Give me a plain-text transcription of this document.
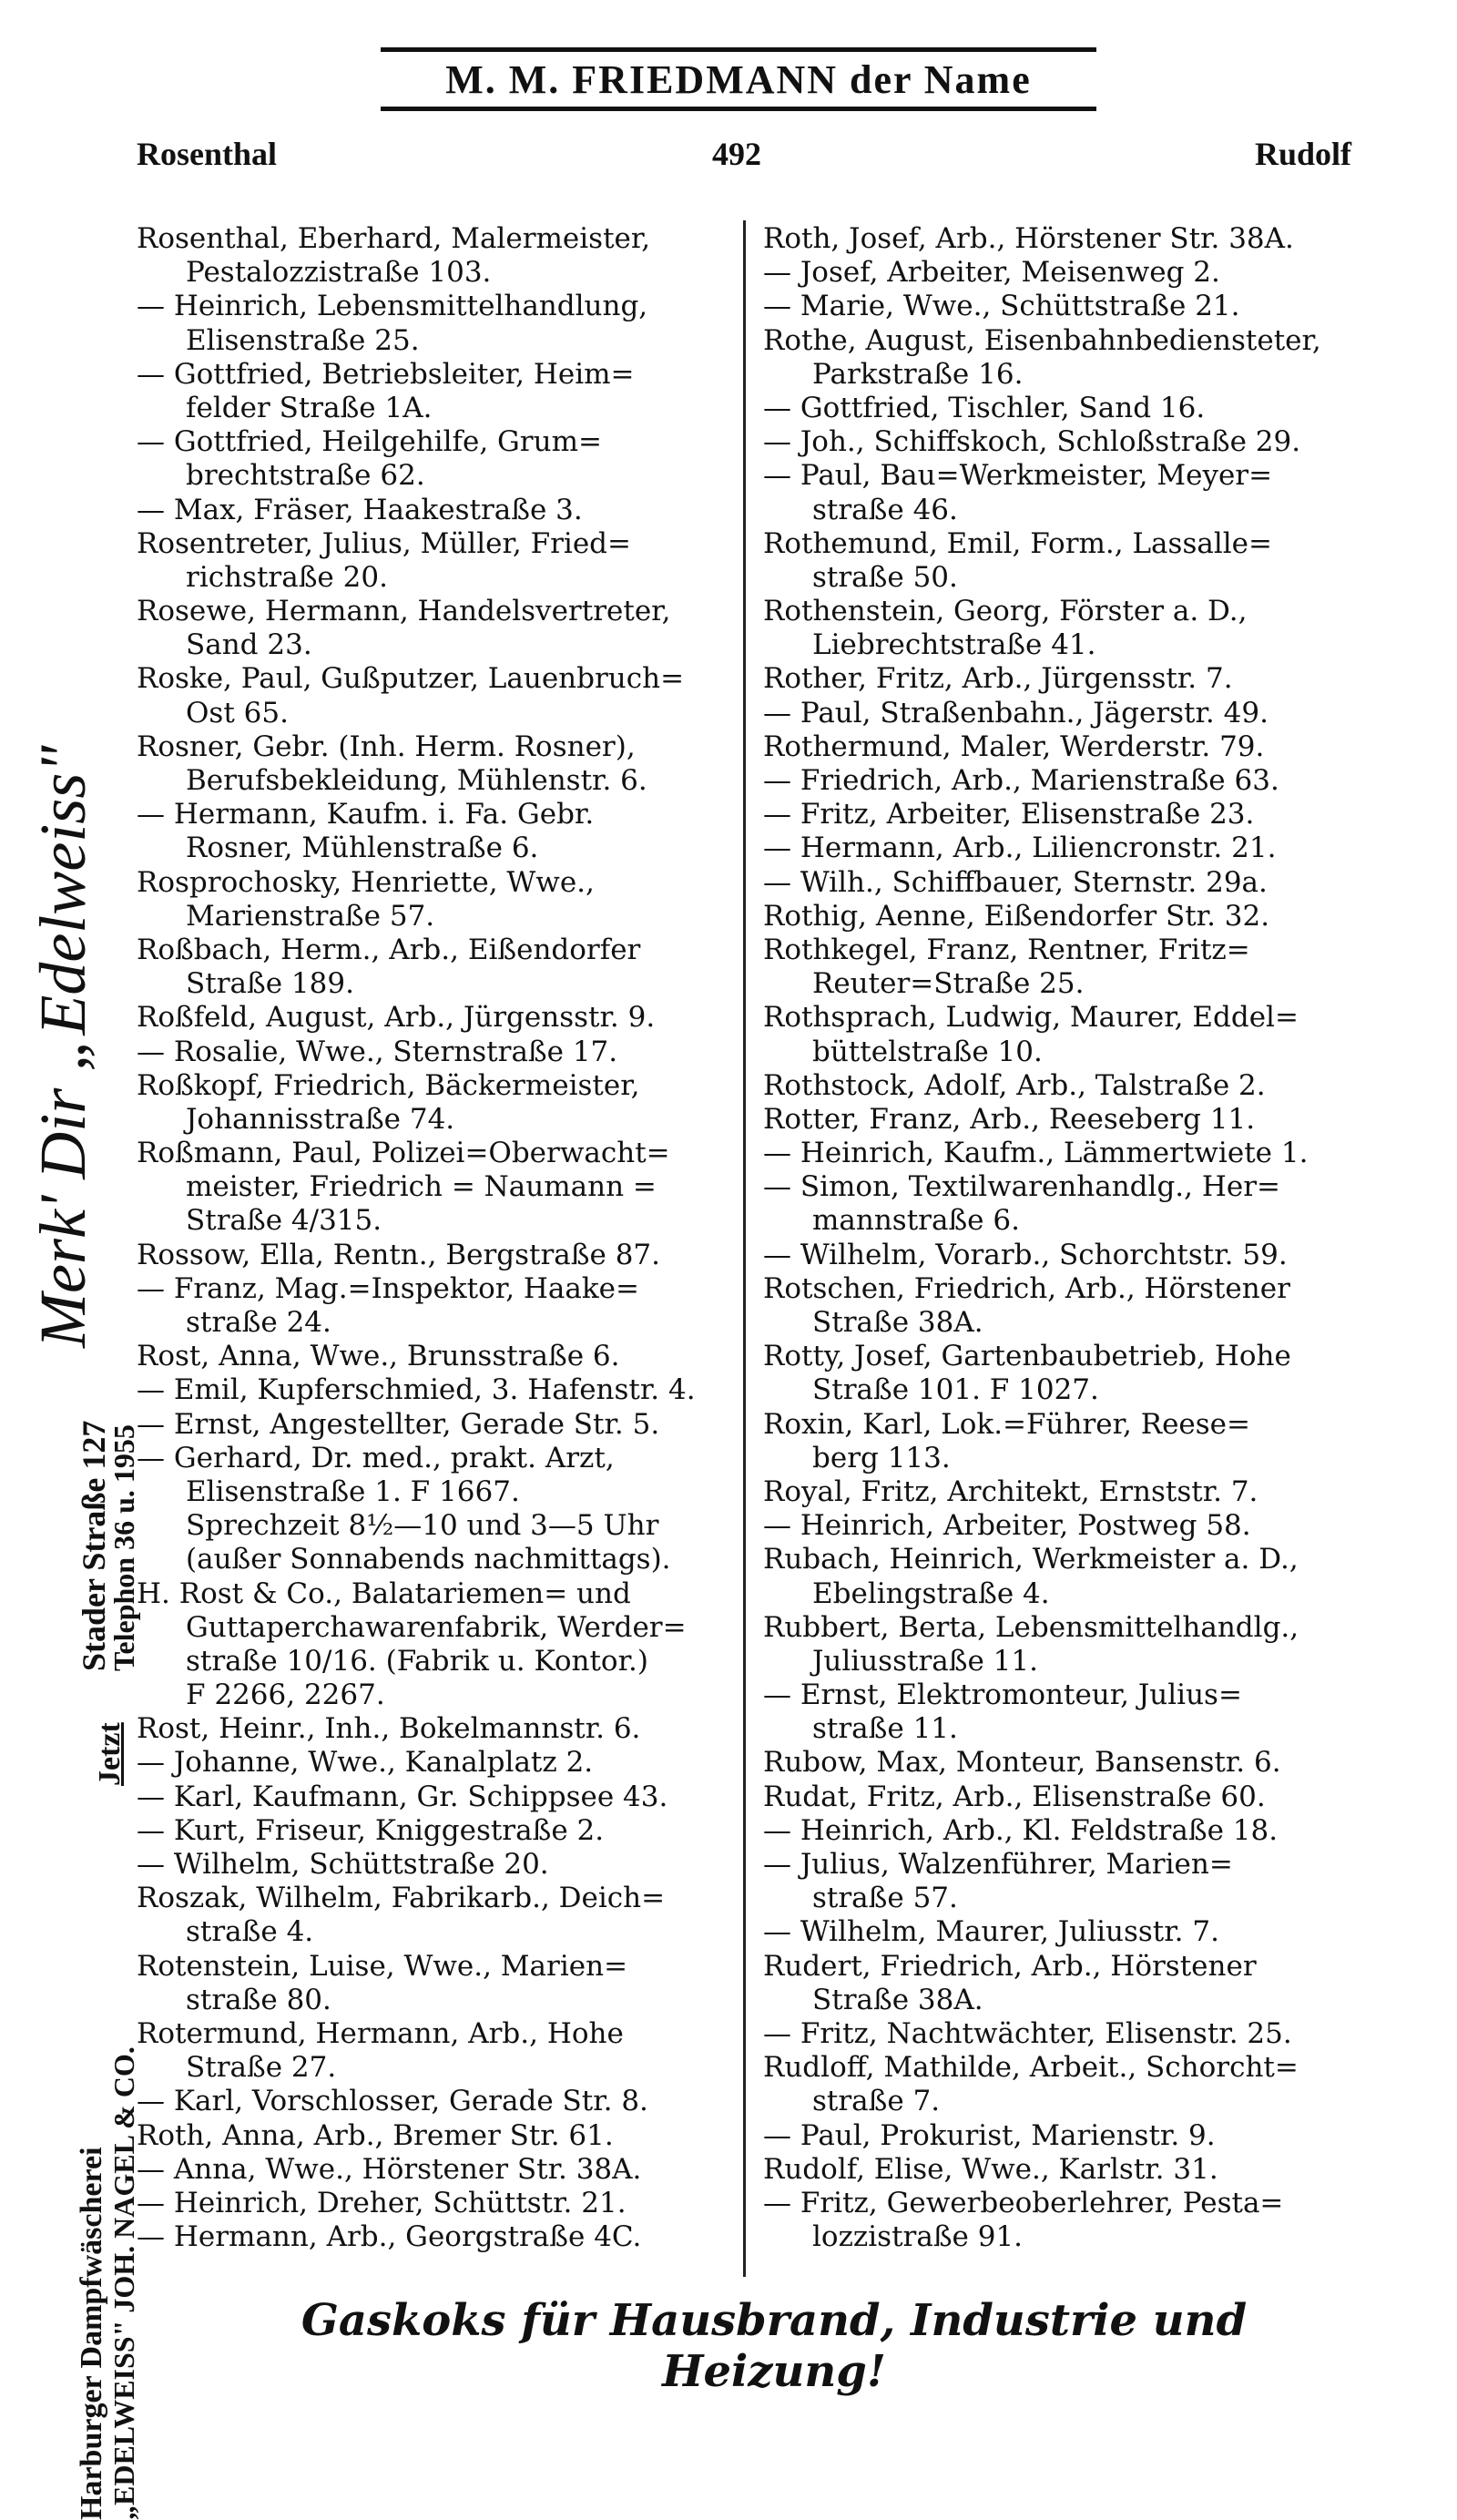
M. M. FRIEDMANN der Name
Rosenthal	492	Rudolf
Merk' Dir „Edelweiss"
Stader Straße 127
Telephon 36 u. 1955
Jetzt
Harburger Dampfwäscherei „EDELWEISS" JOH. NAGEL & CO.
Rosenthal, Eberhard, Malermeister,
Pestalozzistraße 103.
— Heinrich, Lebensmittelhandlung,
Elisenstraße 25.
— Gottfried, Betriebsleiter, Heim=
felder Straße 1A.
— Gottfried, Heilgehilfe, Grum=
brechtstraße 62.
— Max, Fräser, Haakestraße 3.
Rosentreter, Julius, Müller, Fried=
richstraße 20.
Rosewe, Hermann, Handelsvertreter,
Sand 23.
Roske, Paul, Gußputzer, Lauenbruch=
Ost 65.
Rosner, Gebr. (Inh. Herm. Rosner),
Berufsbekleidung, Mühlenstr. 6.
— Hermann, Kaufm. i. Fa. Gebr.
Rosner, Mühlenstraße 6.
Rosprochosky, Henriette, Wwe.,
Marienstraße 57.
Roßbach, Herm., Arb., Eißendorfer
Straße 189.
Roßfeld, August, Arb., Jürgensstr. 9.
— Rosalie, Wwe., Sternstraße 17.
Roßkopf, Friedrich, Bäckermeister,
Johannisstraße 74.
Roßmann, Paul, Polizei=Oberwacht=
meister, Friedrich = Naumann =
Straße 4/315.
Rossow, Ella, Rentn., Bergstraße 87.
— Franz, Mag.=Inspektor, Haake=
straße 24.
Rost, Anna, Wwe., Brunsstraße 6.
— Emil, Kupferschmied, 3. Hafenstr. 4.
— Ernst, Angestellter, Gerade Str. 5.
— Gerhard, Dr. med., prakt. Arzt,
Elisenstraße 1. F 1667.
Sprechzeit 8½—10 und 3—5 Uhr
(außer Sonnabends nachmittags).
H. Rost & Co., Balatariemen= und
Guttaperchawarenfabrik, Werder=
straße 10/16. (Fabrik u. Kontor.)
F 2266, 2267.
Rost, Heinr., Inh., Bokelmannstr. 6.
— Johanne, Wwe., Kanalplatz 2.
— Karl, Kaufmann, Gr. Schippsee 43.
— Kurt, Friseur, Kniggestraße 2.
— Wilhelm, Schüttstraße 20.
Roszak, Wilhelm, Fabrikarb., Deich=
straße 4.
Rotenstein, Luise, Wwe., Marien=
straße 80.
Rotermund, Hermann, Arb., Hohe
Straße 27.
— Karl, Vorschlosser, Gerade Str. 8.
Roth, Anna, Arb., Bremer Str. 61.
— Anna, Wwe., Hörstener Str. 38A.
— Heinrich, Dreher, Schüttstr. 21.
— Hermann, Arb., Georgstraße 4C.
Roth, Josef, Arb., Hörstener Str. 38A.
— Josef, Arbeiter, Meisenweg 2.
— Marie, Wwe., Schüttstraße 21.
Rothe, August, Eisenbahnbediensteter,
Parkstraße 16.
— Gottfried, Tischler, Sand 16.
— Joh., Schiffskoch, Schloßstraße 29.
— Paul, Bau=Werkmeister, Meyer=
straße 46.
Rothemund, Emil, Form., Lassalle=
straße 50.
Rothenstein, Georg, Förster a. D.,
Liebrechtstraße 41.
Rother, Fritz, Arb., Jürgensstr. 7.
— Paul, Straßenbahn., Jägerstr. 49.
Rothermund, Maler, Werderstr. 79.
— Friedrich, Arb., Marienstraße 63.
— Fritz, Arbeiter, Elisenstraße 23.
— Hermann, Arb., Liliencronstr. 21.
— Wilh., Schiffbauer, Sternstr. 29a.
Rothig, Aenne, Eißendorfer Str. 32.
Rothkegel, Franz, Rentner, Fritz=
Reuter=Straße 25.
Rothsprach, Ludwig, Maurer, Eddel=
büttelstraße 10.
Rothstock, Adolf, Arb., Talstraße 2.
Rotter, Franz, Arb., Reeseberg 11.
— Heinrich, Kaufm., Lämmertwiete 1.
— Simon, Textilwarenhandlg., Her=
mannstraße 6.
— Wilhelm, Vorarb., Schorchtstr. 59.
Rotschen, Friedrich, Arb., Hörstener
Straße 38A.
Rotty, Josef, Gartenbaubetrieb, Hohe
Straße 101. F 1027.
Roxin, Karl, Lok.=Führer, Reese=
berg 113.
Royal, Fritz, Architekt, Ernststr. 7.
— Heinrich, Arbeiter, Postweg 58.
Rubach, Heinrich, Werkmeister a. D.,
Ebelingstraße 4.
Rubbert, Berta, Lebensmittelhandlg.,
Juliusstraße 11.
— Ernst, Elektromonteur, Julius=
straße 11.
Rubow, Max, Monteur, Bansenstr. 6.
Rudat, Fritz, Arb., Elisenstraße 60.
— Heinrich, Arb., Kl. Feldstraße 18.
— Julius, Walzenführer, Marien=
straße 57.
— Wilhelm, Maurer, Juliusstr. 7.
Rudert, Friedrich, Arb., Hörstener
Straße 38A.
— Fritz, Nachtwächter, Elisenstr. 25.
Rudloff, Mathilde, Arbeit., Schorcht=
straße 7.
— Paul, Prokurist, Marienstr. 9.
Rudolf, Elise, Wwe., Karlstr. 31.
— Fritz, Gewerbeoberlehrer, Pesta=
lozzistraße 91.
Gaskoks für Hausbrand, Industrie und Heizung!
